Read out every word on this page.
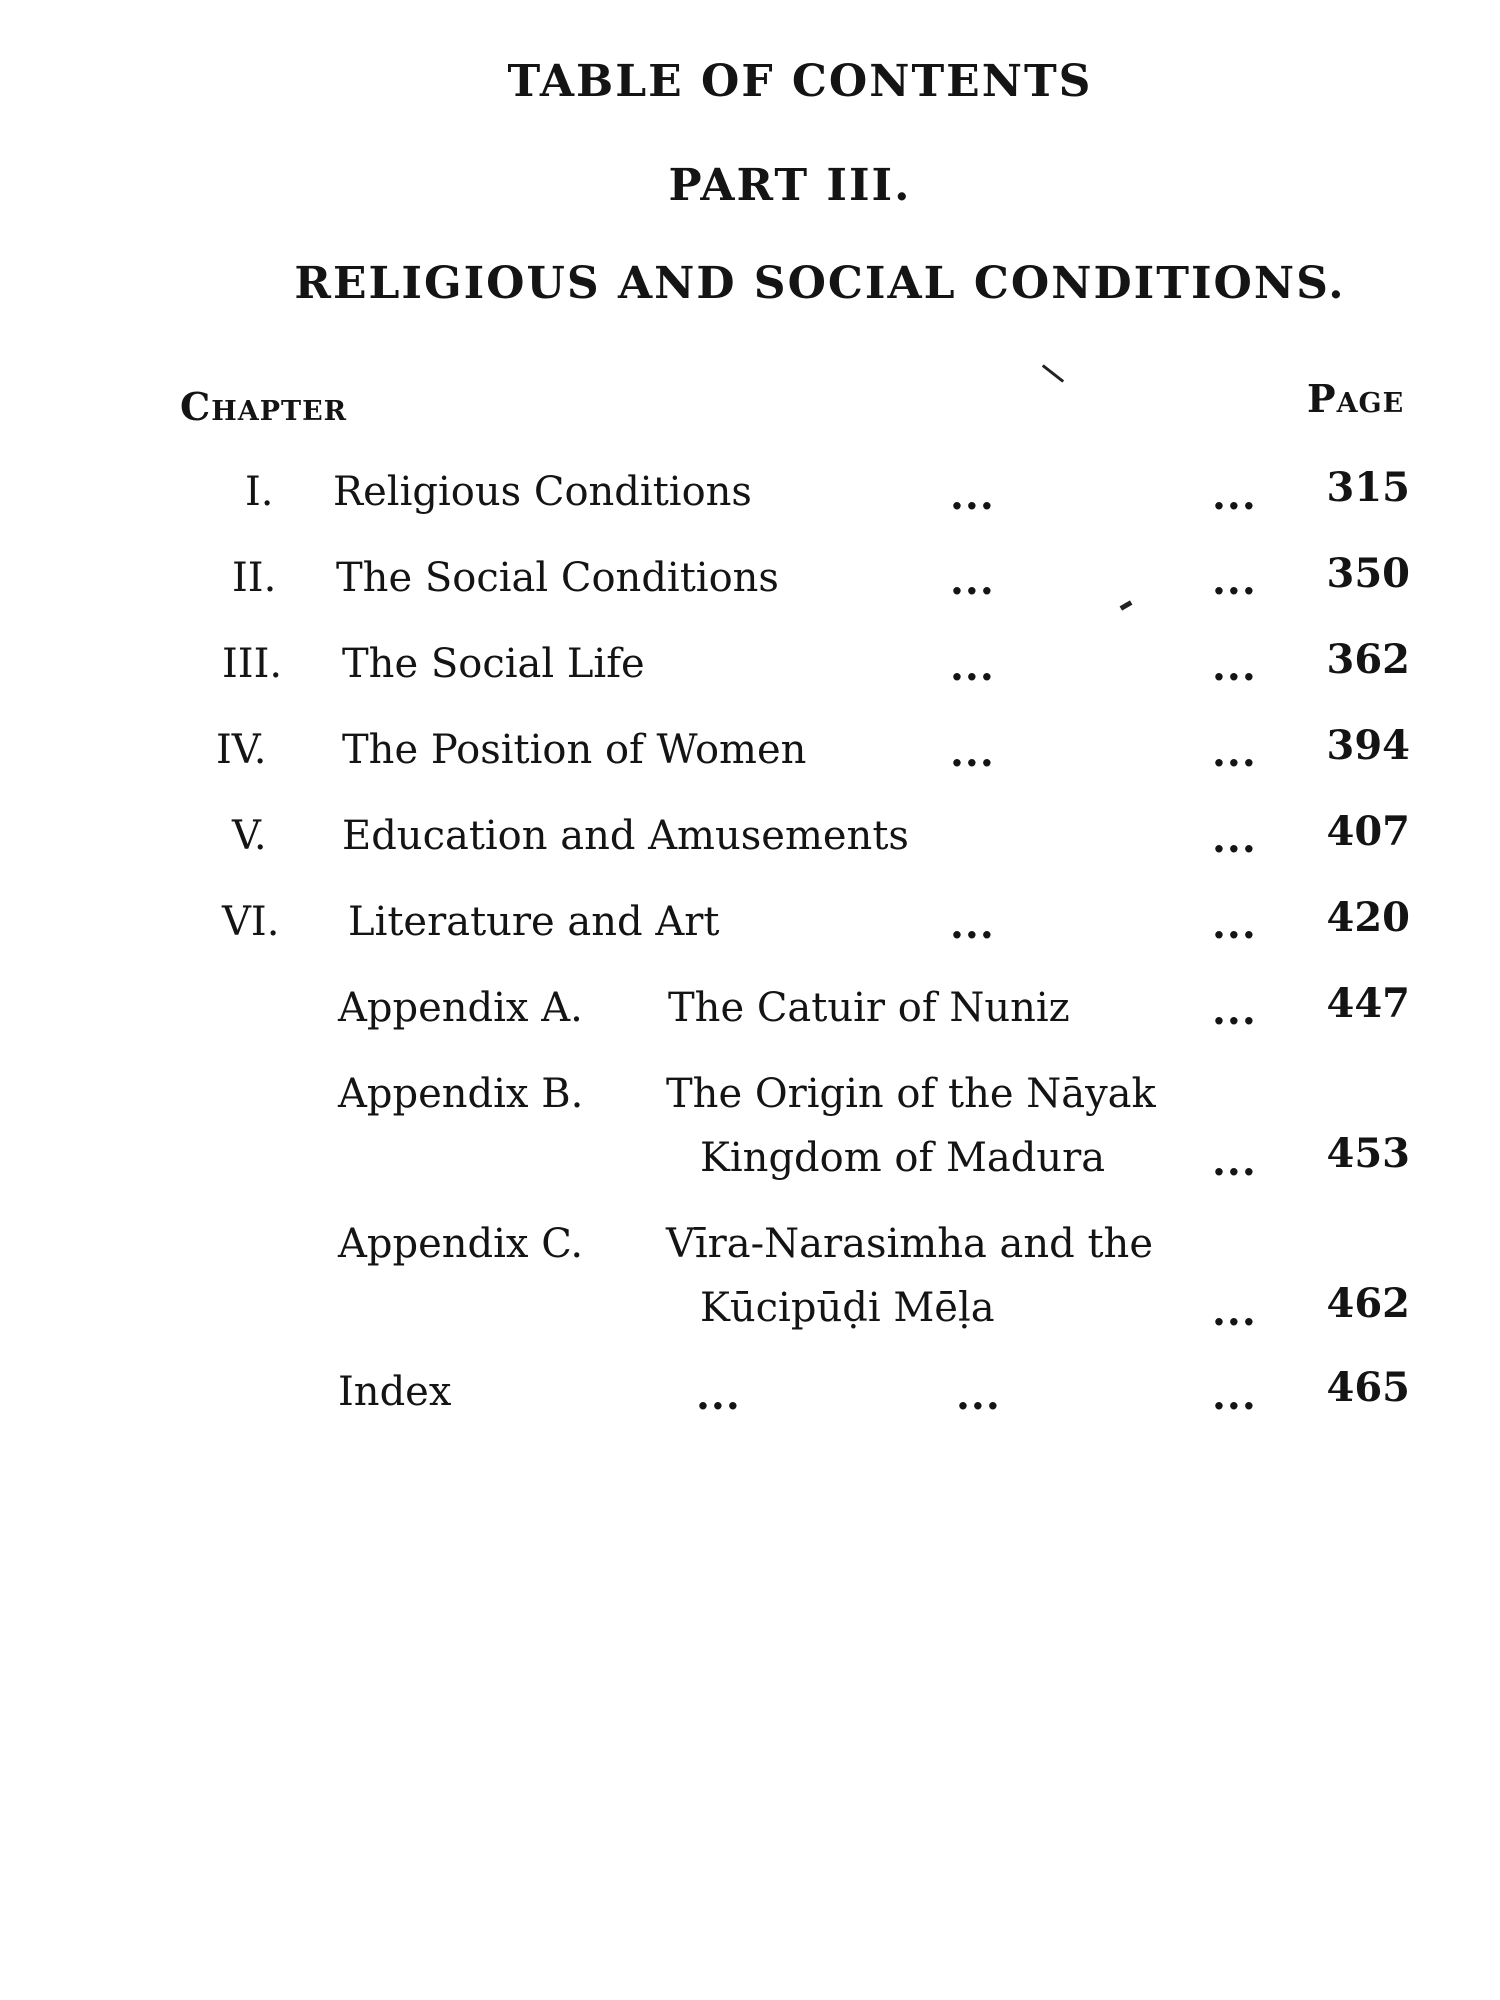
TABLE OF CONTENTS
PART III.
RELIGIOUS AND SOCIAL CONDITIONS.
Chapter	Page
I. Religious Conditions	...	...	315
II. The Social Conditions	...	...	350
III. The Social Life	...	...	362
IV. The Position of Women	...	...	394
V. Education and Amusements	...	407
VI. Literature and Art	...	...	420
Appendix A. The Catuir of Nuniz	...	447
Appendix B. The Origin of the Nāyak
Kingdom of Madura	...	453
Appendix C. Vīra-Narasimha and the
Kūcipūḍi Mēḷa	...	462
Index	...	...	...	465
